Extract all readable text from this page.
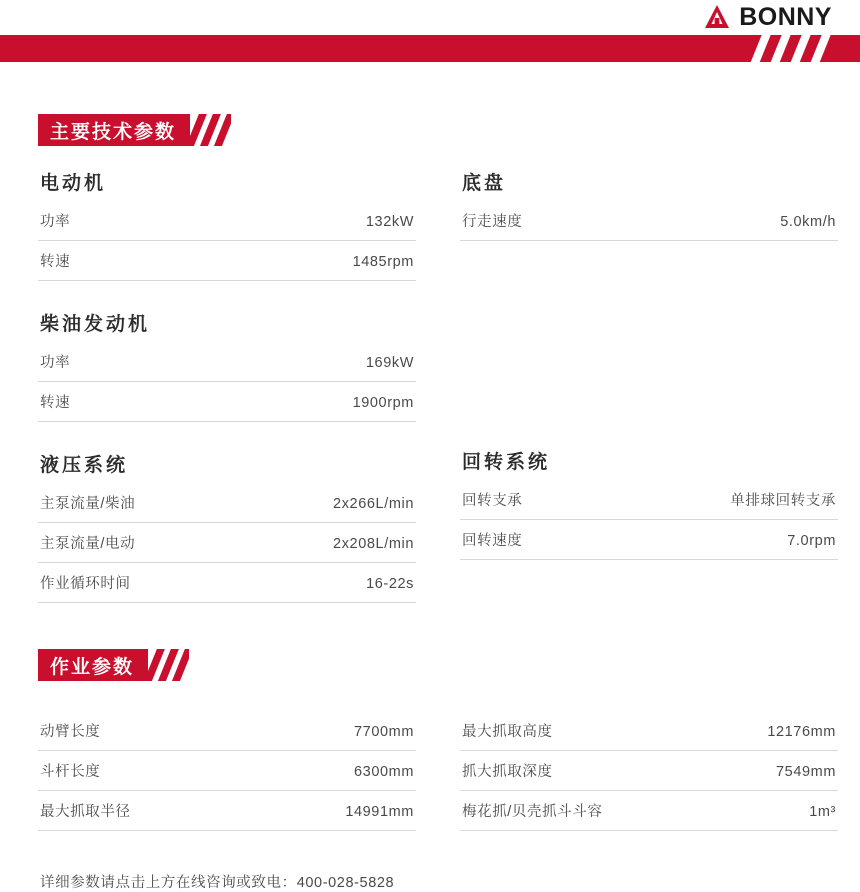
BONNY
主要技术参数
电动机
功率	132kW
转速	1485rpm
柴油发动机
功率	169kW
转速	1900rpm
液压系统
主泵流量/柴油	2x266L/min
主泵流量/电动	2x208L/min
作业循环时间	16-22s
底盘
行走速度	5.0km/h
回转系统
回转支承	单排球回转支承
回转速度	7.0rpm
作业参数
动臂长度	7700mm
斗杆长度	6300mm
最大抓取半径	14991mm
最大抓取高度	12176mm
抓大抓取深度	7549mm
梅花抓/贝壳抓斗斗容	1m³
详细参数请点击上方在线咨询或致电：400-028-5828
